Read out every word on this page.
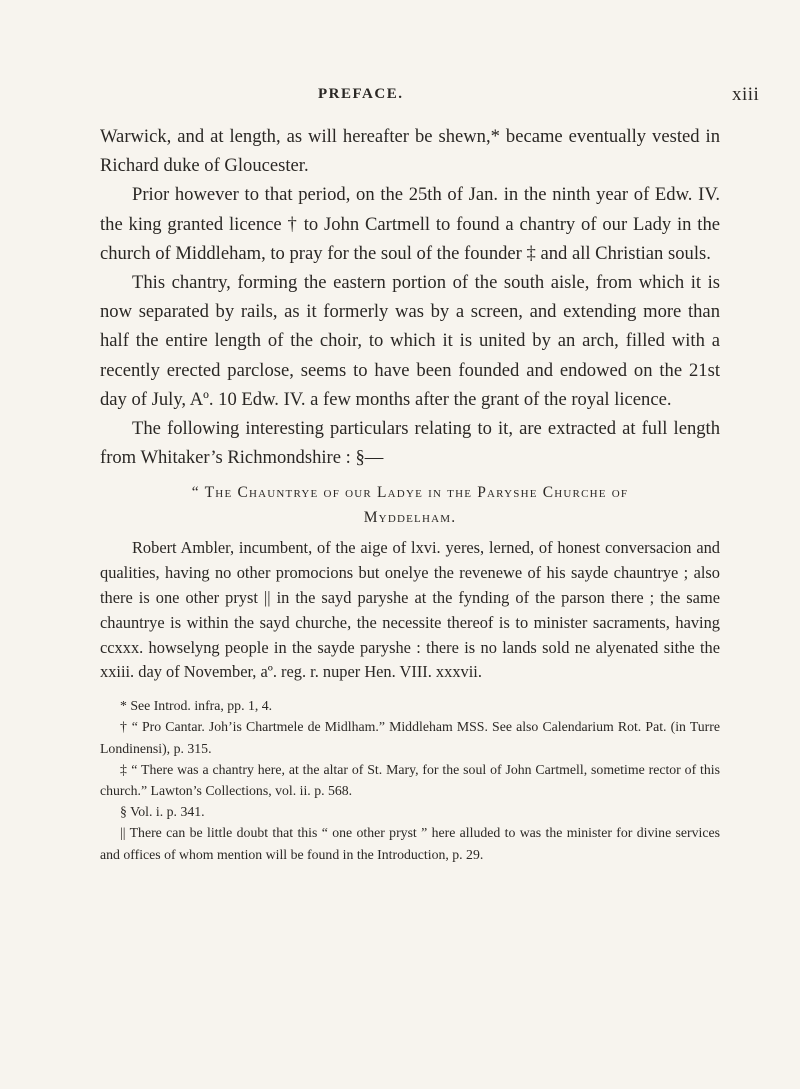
PREFACE.	xiii

Warwick, and at length, as will hereafter be shewn,* became eventually vested in Richard duke of Gloucester.

Prior however to that period, on the 25th of Jan. in the ninth year of Edw. IV. the king granted licence † to John Cartmell to found a chantry of our Lady in the church of Middleham, to pray for the soul of the founder ‡ and all Christian souls.

This chantry, forming the eastern portion of the south aisle, from which it is now separated by rails, as it formerly was by a screen, and extending more than half the entire length of the choir, to which it is united by an arch, filled with a recently erected parclose, seems to have been founded and endowed on the 21st day of July, Aº. 10 Edw. IV. a few months after the grant of the royal licence.

The following interesting particulars relating to it, are extracted at full length from Whitaker’s Richmondshire : §—

“ The Chauntrye of our Ladye in the Paryshe Churche of
Myddelham.

Robert Ambler, incumbent, of the aige of lxvi. yeres, lerned, of honest conversacion and qualities, having no other promocions but onelye the revenewe of his sayde chauntrye ; also there is one other pryst || in the sayd paryshe at the fynding of the parson there ; the same chauntrye is within the sayd churche, the necessite thereof is to minister sacraments, having ccxxx. howselyng people in the sayde paryshe : there is no lands sold ne alyenated sithe the xxiii. day of November, aº. reg. r. nuper Hen. VIII. xxxvii.

* See Introd. infra, pp. 1, 4.

† “ Pro Cantar. Joh’is Chartmele de Midlham.” Middleham MSS. See also Calendarium Rot. Pat. (in Turre Londinensi), p. 315.

‡ “ There was a chantry here, at the altar of St. Mary, for the soul of John Cartmell, sometime rector of this church.” Lawton’s Collections, vol. ii. p. 568.

§ Vol. i. p. 341.

|| There can be little doubt that this “ one other pryst ” here alluded to was the minister for divine services and offices of whom mention will be found in the Introduction, p. 29.
